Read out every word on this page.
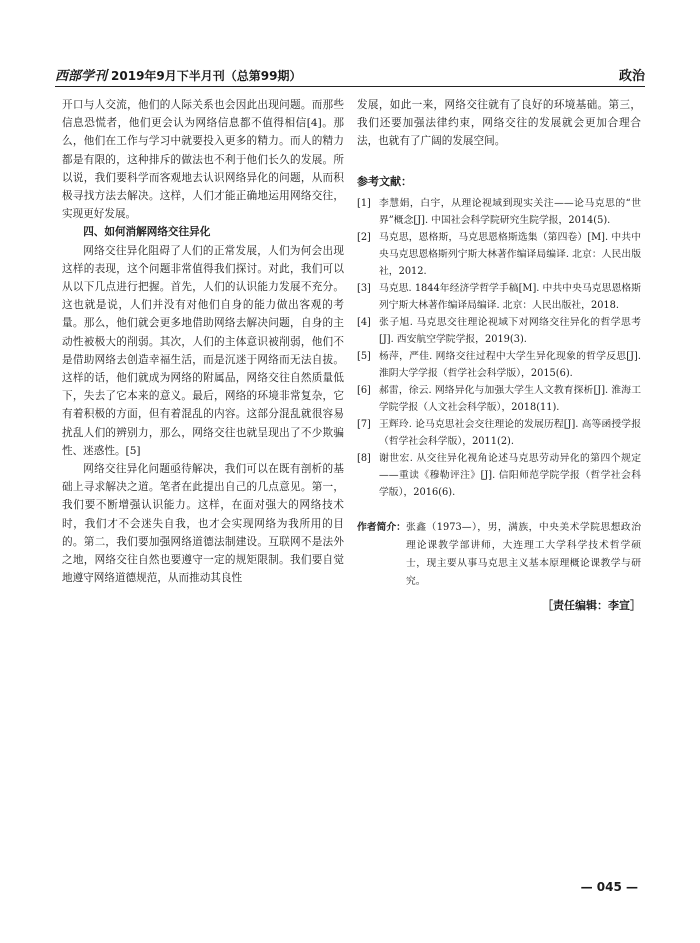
西部学刊 2019年9月下半月刊（总第99期）	政治

开口与人交流，他们的人际关系也会因此出现问题。而那些信息恐慌者，他们更会认为网络信息都不值得相信[4]。那么，他们在工作与学习中就要投入更多的精力。而人的精力都是有限的，这种排斥的做法也不利于他们长久的发展。所以说，我们要科学而客观地去认识网络异化的问题，从而积极寻找方法去解决。这样，人们才能正确地运用网络交往，实现更好发展。

四、如何消解网络交往异化

网络交往异化阻碍了人们的正常发展，人们为何会出现这样的表现，这个问题非常值得我们探讨。对此，我们可以从以下几点进行把握。首先，人们的认识能力发展不充分。这也就是说，人们并没有对他们自身的能力做出客观的考量。那么，他们就会更多地借助网络去解决问题，自身的主动性被极大的削弱。其次，人们的主体意识被削弱，他们不是借助网络去创造幸福生活，而是沉迷于网络而无法自拔。这样的话，他们就成为网络的附属品，网络交往自然质量低下，失去了它本来的意义。最后，网络的环境非常复杂，它有着积极的方面，但有着混乱的内容。这部分混乱就很容易扰乱人们的辨别力，那么，网络交往也就呈现出了不少欺骗性、迷惑性。[5]

网络交往异化问题亟待解决，我们可以在既有剖析的基础上寻求解决之道。笔者在此提出自己的几点意见。第一，我们要不断增强认识能力。这样，在面对强大的网络技术时，我们才不会迷失自我，也才会实现网络为我所用的目的。第二，我们要加强网络道德法制建设。互联网不是法外之地，网络交往自然也要遵守一定的规矩限制。我们要自觉地遵守网络道德规范，从而推动其良性

发展，如此一来，网络交往就有了良好的环境基础。第三，我们还要加强法律约束，网络交往的发展就会更加合理合法，也就有了广阔的发展空间。

参考文献：
[1] 李慧娟，白宇，从理论视域到现实关注——论马克思的“世界”概念[J]. 中国社会科学院研究生院学报，2014(5).
[2] 马克思，恩格斯，马克思恩格斯选集（第四卷）[M]. 中共中央马克思恩格斯列宁斯大林著作编译局编译. 北京：人民出版社，2012.
[3] 马克思. 1844年经济学哲学手稿[M]. 中共中央马克思恩格斯列宁斯大林著作编译局编译. 北京：人民出版社，2018.
[4] 张子旭. 马克思交往理论视域下对网络交往异化的哲学思考[J]. 西安航空学院学报，2019(3).
[5] 杨萍，严佳. 网络交往过程中大学生异化现象的哲学反思[J]. 淮阴大学学报（哲学社会科学版），2015(6).
[6] 郝雷，徐云. 网络异化与加强大学生人文教育探析[J]. 淮海工学院学报（人文社会科学版），2018(11).
[7] 王辉玲. 论马克思社会交往理论的发展历程[J]. 高等函授学报（哲学社会科学版），2011(2).
[8] 谢世宏. 从交往异化视角论述马克思劳动异化的第四个规定——重读《穆勒评注》[J]. 信阳师范学院学报（哲学社会科学版），2016(6).
作者简介： 张鑫（1973—），男，满族，中央美术学院思想政治理论课教学部讲师，大连理工大学科学技术哲学硕士，现主要从事马克思主义基本原理概论课教学与研究。
［责任编辑：李宣］
— 045 —
